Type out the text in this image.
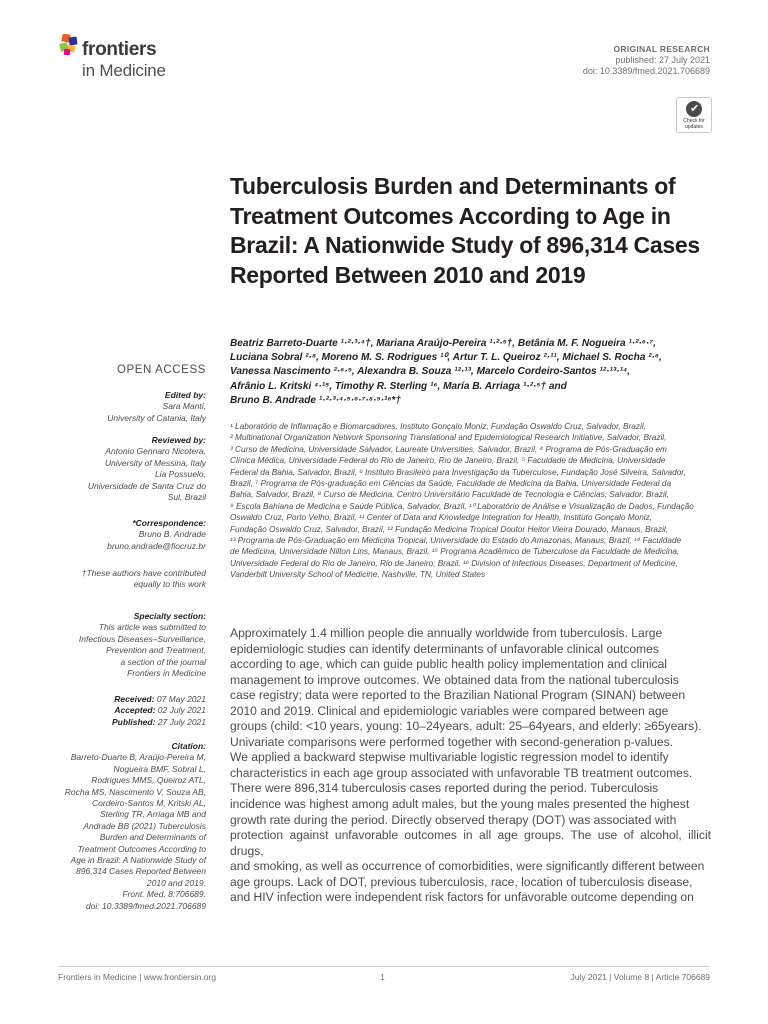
frontiers
in Medicine
ORIGINAL RESEARCH
published: 27 July 2021
doi: 10.3389/fmed.2021.706689
✔
Check for updates
Tuberculosis Burden and Determinants of Treatment Outcomes According to Age in Brazil: A Nationwide Study of 896,314 Cases Reported Between 2010 and 2019
Beatriz Barreto-Duarte ¹·²·³·⁴†, Mariana Araújo-Pereira ¹·²·⁵†, Betânia M. F. Nogueira ¹·²·⁶·⁷,
Luciana Sobral ²·⁸, Moreno M. S. Rodrigues ¹⁰, Artur T. L. Queiroz ²·¹¹, Michael S. Rocha ²·⁶,
Vanessa Nascimento ²·⁶·⁹, Alexandra B. Souza ¹²·¹³, Marcelo Cordeiro-Santos ¹²·¹³·¹⁴,
Afrânio L. Kritski ⁴·¹⁵, Timothy R. Sterling ¹⁶, María B. Arriaga ¹·²·⁵† and
Bruno B. Andrade ¹·²·³·⁴·⁵·⁶·⁷·⁸·⁹·¹⁶*†
¹ Laboratório de Inflamação e Biomarcadores, Instituto Gonçalo Moniz, Fundação Oswaldo Cruz, Salvador, Brazil,
² Multinational Organization Network Sponsoring Translational and Epidemiological Research Initiative, Salvador, Brazil,
³ Curso de Medicina, Universidade Salvador, Laureate Universities, Salvador, Brazil, ⁴ Programa de Pós-Graduação em
Clínica Médica, Universidade Federal do Rio de Janeiro, Rio de Janeiro, Brazil, ⁵ Faculdade de Medicina, Universidade
Federal da Bahia, Salvador, Brazil, ⁶ Instituto Brasileiro para Investigação da Tuberculose, Fundação José Silveira, Salvador,
Brazil, ⁷ Programa de Pós-graduação em Ciências da Saúde, Faculdade de Medicina da Bahia, Universidade Federal da
Bahia, Salvador, Brazil, ⁸ Curso de Medicina, Centro Universitário Faculdade de Tecnologia e Ciências, Salvador, Brazil,
⁹ Escola Bahiana de Medicina e Saúde Pública, Salvador, Brazil, ¹⁰ Laboratório de Análise e Visualização de Dados, Fundação
Oswaldo Cruz, Porto Velho, Brazil, ¹¹ Center of Data and Knowledge Integration for Health, Instituto Gonçalo Moniz,
Fundação Oswaldo Cruz, Salvador, Brazil, ¹² Fundação Medicina Tropical Doutor Heitor Vieira Dourado, Manaus, Brazil,
¹³ Programa de Pós-Graduação em Medicina Tropical, Universidade do Estado do Amazonas, Manaus, Brazil, ¹⁴ Faculdade
de Medicina, Universidade Nilton Lins, Manaus, Brazil, ¹⁵ Programa Acadêmico de Tuberculose da Faculdade de Medicina,
Universidade Federal do Rio de Janeiro, Rio de Janeiro, Brazil, ¹⁶ Division of Infectious Diseases, Department of Medicine,
Vanderbilt University School of Medicine, Nashville, TN, United States
Approximately 1.4 million people die annually worldwide from tuberculosis. Large
epidemiologic studies can identify determinants of unfavorable clinical outcomes
according to age, which can guide public health policy implementation and clinical
management to improve outcomes. We obtained data from the national tuberculosis
case registry; data were reported to the Brazilian National Program (SINAN) between
2010 and 2019. Clinical and epidemiologic variables were compared between age
groups (child: <10 years, young: 10–24years, adult: 25–64years, and elderly: ≥65years).
Univariate comparisons were performed together with second-generation p-values.
We applied a backward stepwise multivariable logistic regression model to identify
characteristics in each age group associated with unfavorable TB treatment outcomes.
There were 896,314 tuberculosis cases reported during the period. Tuberculosis
incidence was highest among adult males, but the young males presented the highest
growth rate during the period. Directly observed therapy (DOT) was associated with
protection against unfavorable outcomes in all age groups. The use of alcohol, illicit drugs,
and smoking, as well as occurrence of comorbidities, were significantly different between
age groups. Lack of DOT, previous tuberculosis, race, location of tuberculosis disease,
and HIV infection were independent risk factors for unfavorable outcome depending on
OPEN ACCESS
Edited by:
Sara Manti,
University of Catania, Italy
Reviewed by:
Antonio Gennaro Nicotera,
University of Messina, Italy
Lia Possuelo,
Universidade de Santa Cruz do
Sul, Brazil
*Correspondence:
Bruno B. Andrade
bruno.andrade@fiocruz.br
†These authors have contributed
equally to this work
Specialty section:
This article was submitted to
Infectious Diseases–Surveillance,
Prevention and Treatment,
a section of the journal
Frontiers in Medicine
Received: 07 May 2021
Accepted: 02 July 2021
Published: 27 July 2021
Citation:
Barreto-Duarte B, Araújo-Pereira M,
Nogueira BMF, Sobral L,
Rodrigues MMS, Queiroz ATL,
Rocha MS, Nascimento V, Souza AB,
Cordeiro-Santos M, Kritski AL,
Sterling TR, Arriaga MB and
Andrade BB (2021) Tuberculosis
Burden and Determinants of
Treatment Outcomes According to
Age in Brazil: A Nationwide Study of
896,314 Cases Reported Between
2010 and 2019.
Front. Med. 8:706689.
doi: 10.3389/fmed.2021.706689
Frontiers in Medicine | www.frontiersin.org	1	July 2021 | Volume 8 | Article 706689
